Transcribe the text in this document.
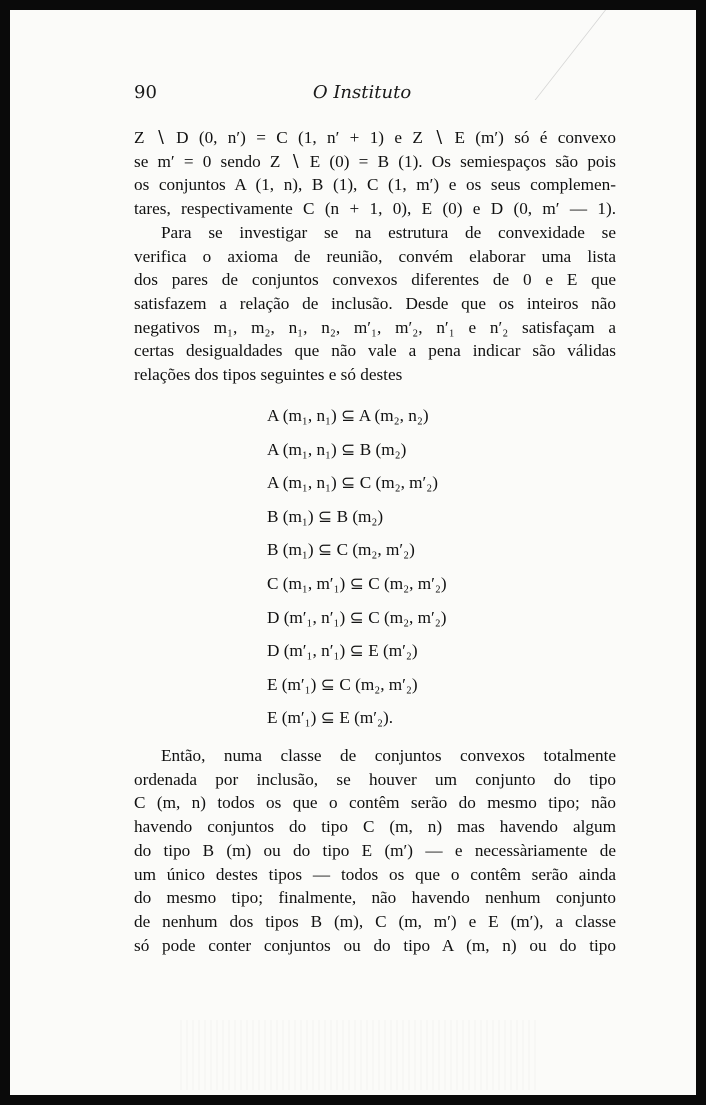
90	O Instituto
Z ∖ D (0, n′) = C (1, n′ + 1) e Z ∖ E (m′) só é convexo
se m′ = 0 sendo Z ∖ E (0) = B (1). Os semiespaços são pois
os conjuntos A (1, n), B (1), C (1, m′) e os seus complemen-
tares, respectivamente C (n + 1, 0), E (0) e D (0, m′ — 1).
Para se investigar se na estrutura de convexidade se
verifica o axioma de reunião, convém elaborar uma lista
dos pares de conjuntos convexos diferentes de 0 e E que
satisfazem a relação de inclusão. Desde que os inteiros não
negativos m₁, m₂, n₁, n₂, m′₁, m′₂, n′₁ e n′₂ satisfaçam a
certas desigualdades que não vale a pena indicar são válidas
relações dos tipos seguintes e só destes
A (m₁, n₁) ⊆ A (m₂, n₂)
A (m₁, n₁) ⊆ B (m₂)
A (m₁, n₁) ⊆ C (m₂, m′₂)
B (m₁) ⊆ B (m₂)
B (m₁) ⊆ C (m₂, m′₂)
C (m₁, m′₁) ⊆ C (m₂, m′₂)
D (m′₁, n′₁) ⊆ C (m₂, m′₂)
D (m′₁, n′₁) ⊆ E (m′₂)
E (m′₁) ⊆ C (m₂, m′₂)
E (m′₁) ⊆ E (m′₂).
Então, numa classe de conjuntos convexos totalmente
ordenada por inclusão, se houver um conjunto do tipo
C (m, n) todos os que o contêm serão do mesmo tipo; não
havendo conjuntos do tipo C (m, n) mas havendo algum
do tipo B (m) ou do tipo E (m′) — e necessàriamente de
um único destes tipos — todos os que o contêm serão ainda
do mesmo tipo; finalmente, não havendo nenhum conjunto
de nenhum dos tipos B (m), C (m, m′) e E (m′), a classe
só pode conter conjuntos ou do tipo A (m, n) ou do tipo
